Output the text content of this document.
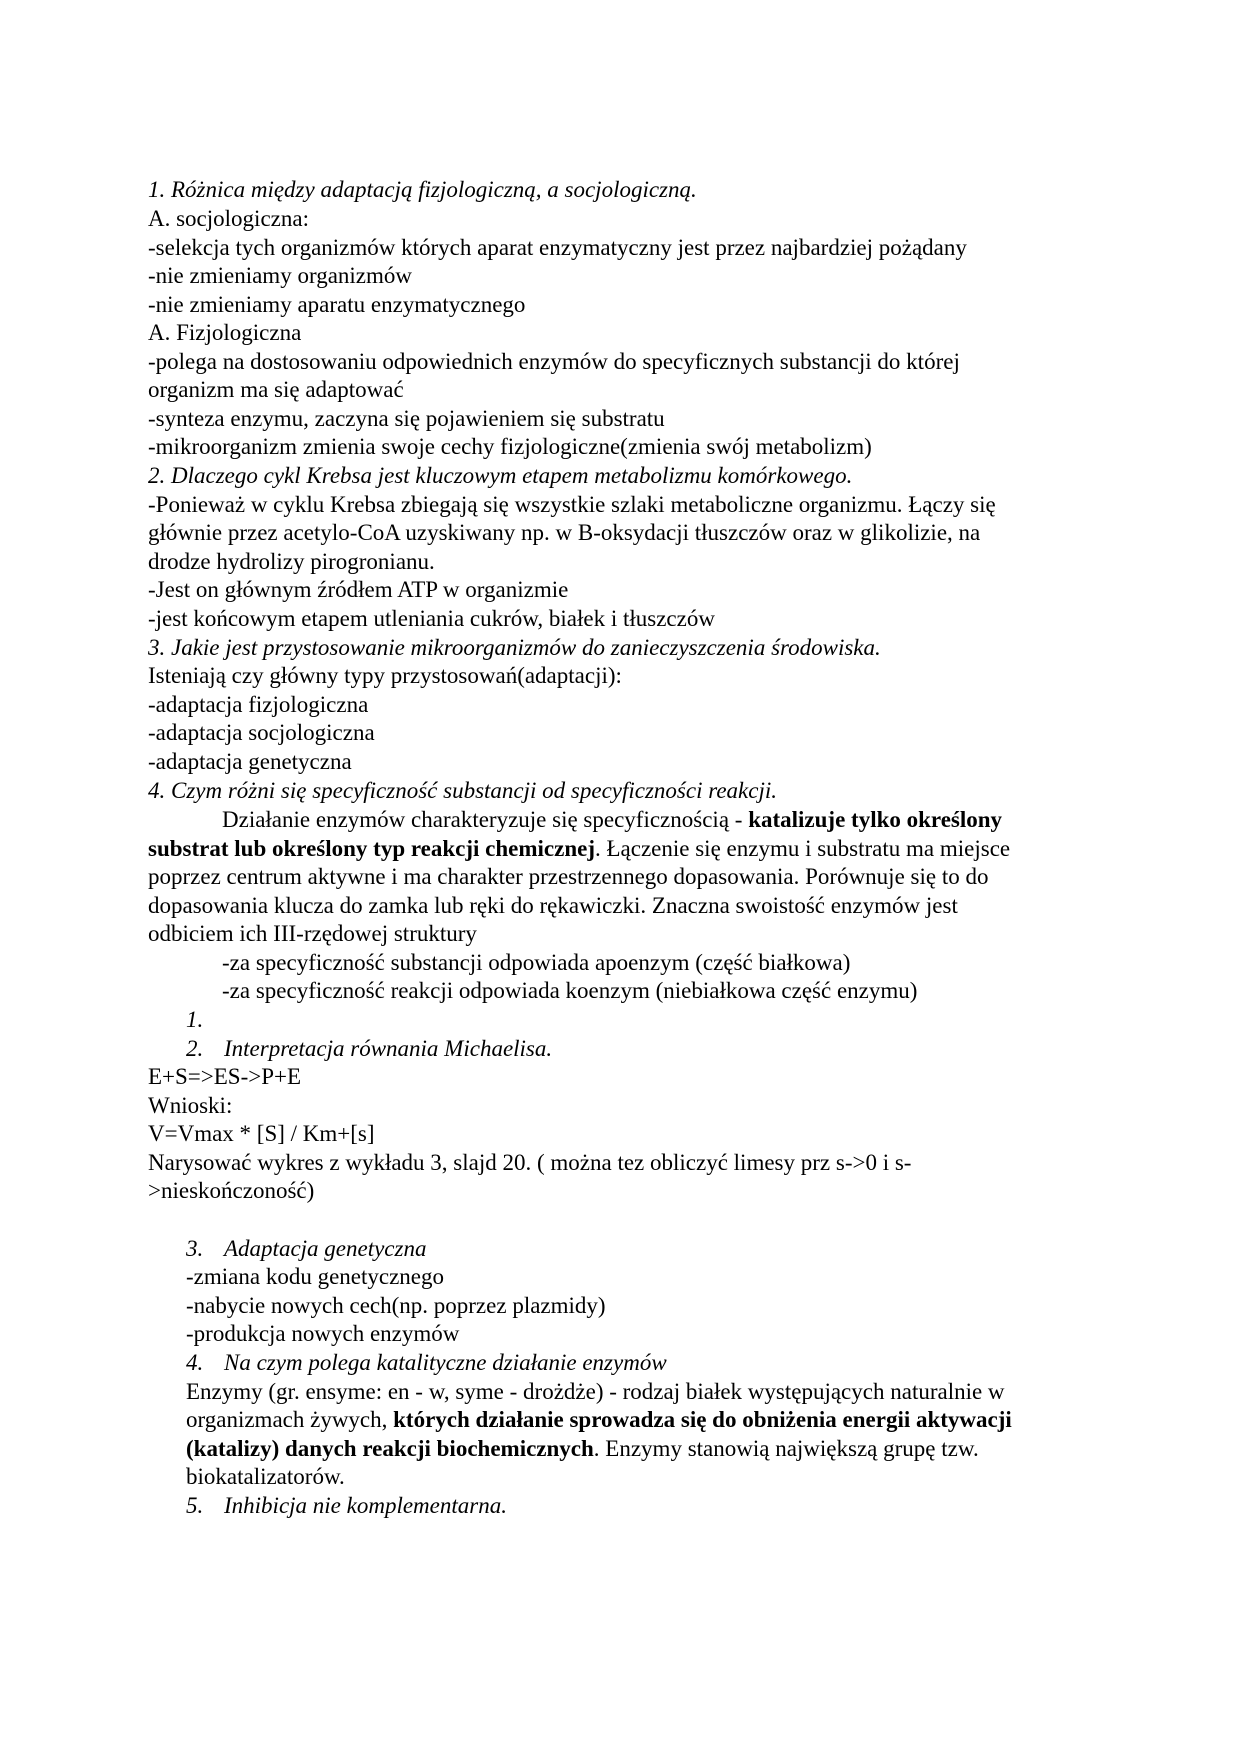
1. Różnica między adaptacją fizjologiczną, a socjologiczną.
A. socjologiczna:
-selekcja tych organizmów których aparat enzymatyczny jest przez najbardziej pożądany
-nie zmieniamy organizmów
-nie zmieniamy aparatu enzymatycznego
A. Fizjologiczna
-polega na dostosowaniu odpowiednich enzymów do specyficznych substancji do której
organizm ma się adaptować
-synteza enzymu, zaczyna się pojawieniem się substratu
-mikroorganizm zmienia swoje cechy fizjologiczne(zmienia swój metabolizm)
2. Dlaczego cykl Krebsa jest kluczowym etapem metabolizmu komórkowego.
-Ponieważ w cyklu Krebsa zbiegają się wszystkie szlaki metaboliczne organizmu. Łączy się
głównie przez acetylo-CoA uzyskiwany np. w B-oksydacji tłuszczów oraz w glikolizie, na
drodze hydrolizy pirogronianu.
-Jest on głównym źródłem ATP w organizmie
-jest końcowym etapem utleniania cukrów, białek i tłuszczów
3. Jakie jest przystosowanie mikroorganizmów do zanieczyszczenia środowiska.
Isteniają czy główny typy przystosowań(adaptacji):
-adaptacja fizjologiczna
-adaptacja socjologiczna
-adaptacja genetyczna
4. Czym różni się specyficzność substancji od specyficzności reakcji.
Działanie enzymów charakteryzuje się specyficznością - katalizuje tylko określony
substrat lub określony typ reakcji chemicznej. Łączenie się enzymu i substratu ma miejsce
poprzez centrum aktywne i ma charakter przestrzennego dopasowania. Porównuje się to do
dopasowania klucza do zamka lub ręki do rękawiczki. Znaczna swoistość enzymów jest
odbiciem ich III-rzędowej struktury
-za specyficzność substancji odpowiada apoenzym (część białkowa)
-za specyficzność reakcji odpowiada koenzym (niebiałkowa część enzymu)
1.
2. Interpretacja równania Michaelisa.
E+S=>ES->P+E
Wnioski:
V=Vmax * [S] / Km+[s]
Narysować wykres z wykładu 3, slajd 20. ( można tez obliczyć limesy prz s->0 i s-
>nieskończoność)
3. Adaptacja genetyczna
-zmiana kodu genetycznego
-nabycie nowych cech(np. poprzez plazmidy)
-produkcja nowych enzymów
4. Na czym polega katalityczne działanie enzymów
Enzymy (gr. ensyme: en - w, syme - drożdże) - rodzaj białek występujących naturalnie w
organizmach żywych, których działanie sprowadza się do obniżenia energii aktywacji
(katalizy) danych reakcji biochemicznych. Enzymy stanowią największą grupę tzw.
biokatalizatorów.
5. Inhibicja nie komplementarna.
